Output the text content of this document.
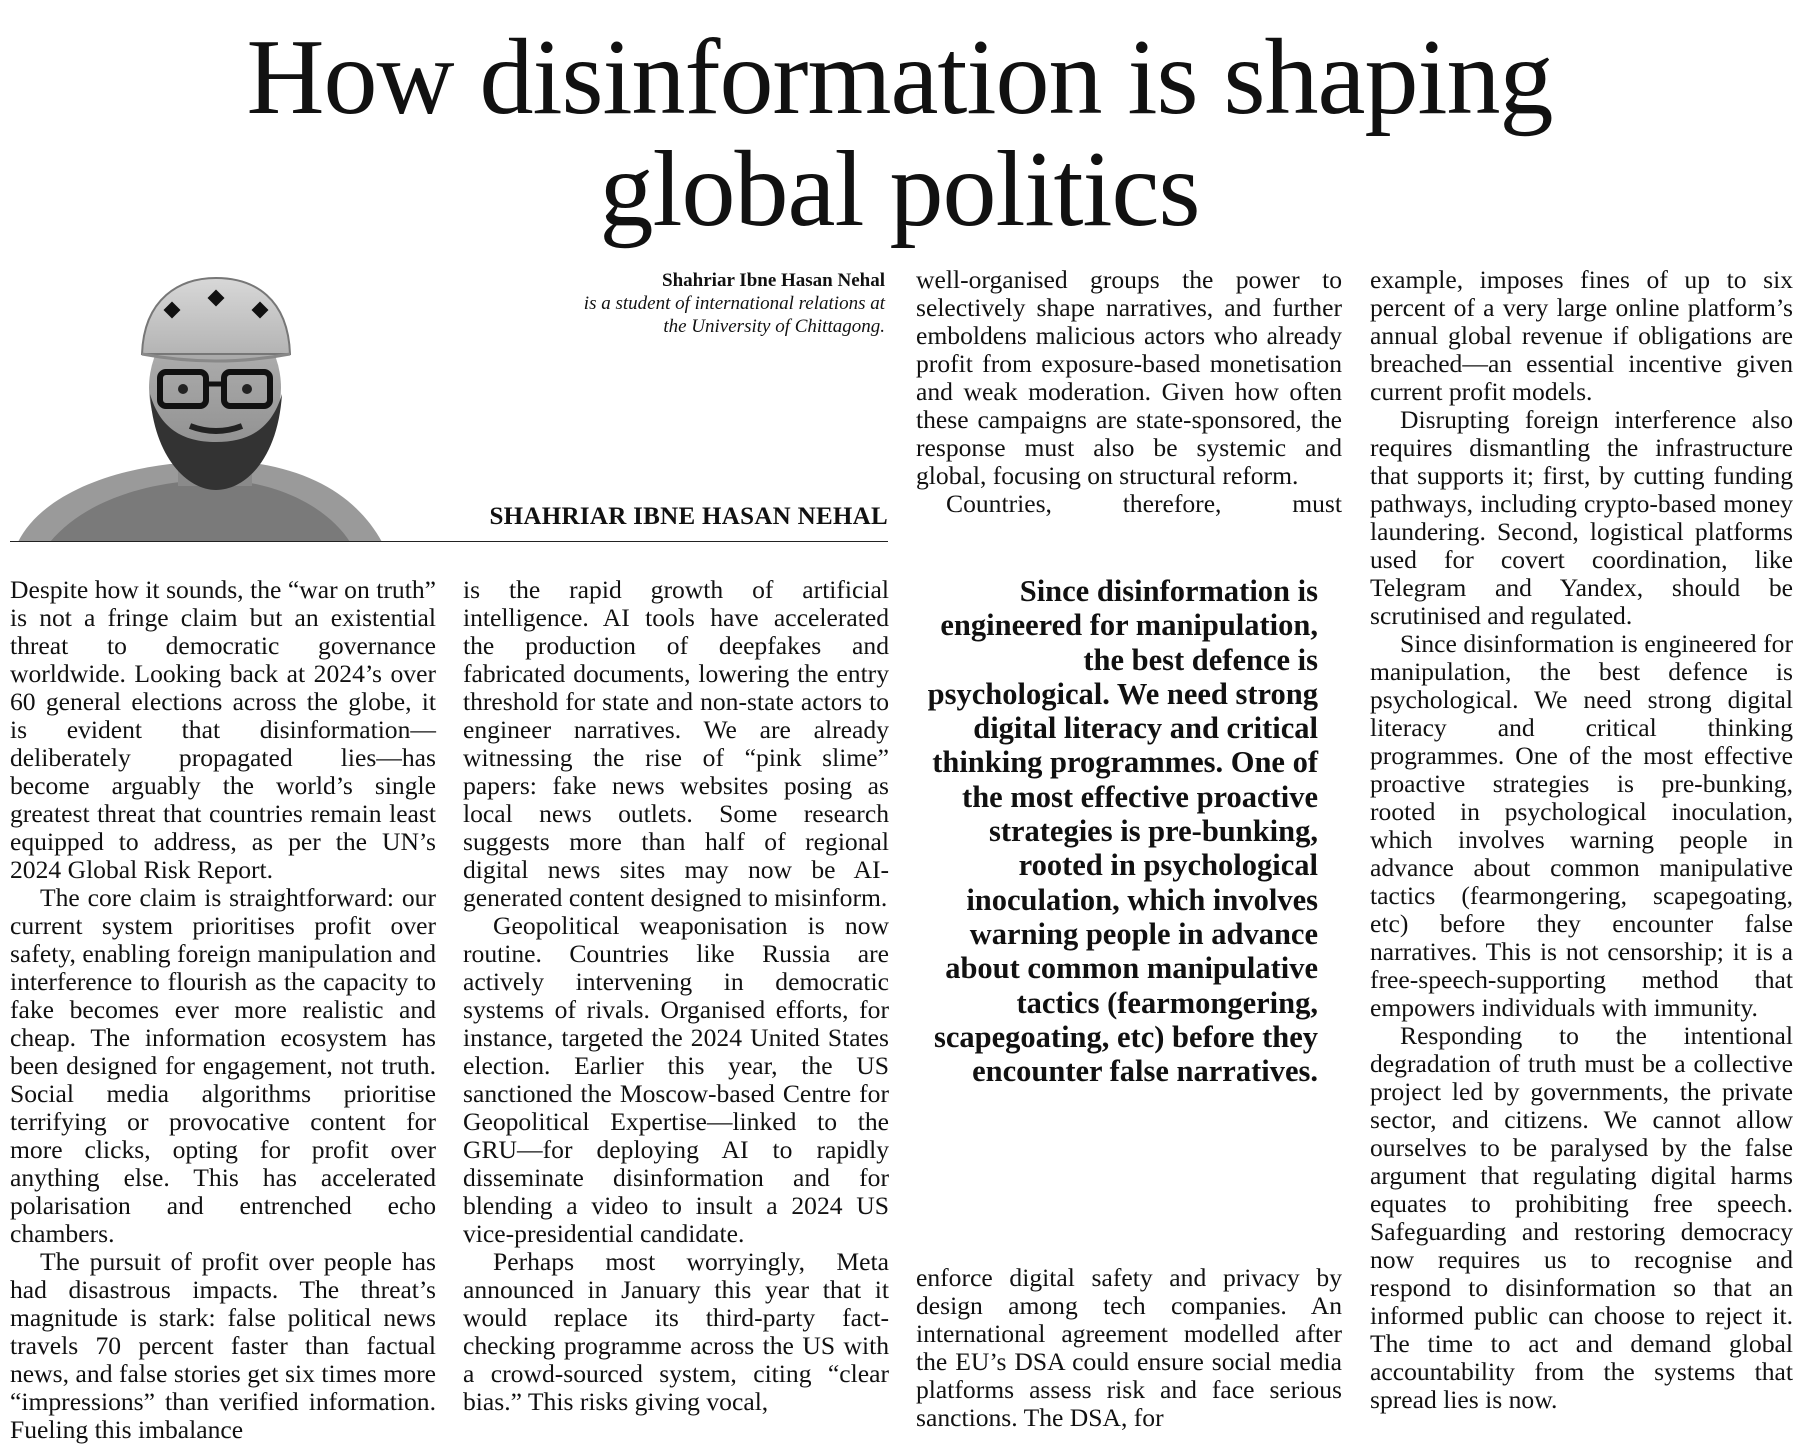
How disinformation is shaping
global politics
Shahriar Ibne Hasan Nehal
is a student of international relations at
the University of Chittagong.
SHAHRIAR IBNE HASAN NEHAL

Despite how it sounds, the “war on truth” is not a fringe claim but an existential threat to democratic governance worldwide. Looking back at 2024’s over 60 general elections across the globe, it is evident that disinformation—deliberately propagated lies—has become arguably the world’s single greatest threat that countries remain least equipped to address, as per the UN’s 2024 Global Risk Report.

The core claim is straightforward: our current system prioritises profit over safety, enabling foreign manipulation and interference to flourish as the capacity to fake becomes ever more realistic and cheap. The information ecosystem has been designed for engagement, not truth. Social media algorithms prioritise terrifying or provocative content for more clicks, opting for profit over anything else. This has accelerated polarisation and entrenched echo chambers.

The pursuit of profit over people has had disastrous impacts. The threat’s magnitude is stark: false political news travels 70 percent faster than factual news, and false stories get six times more “impressions” than verified information. Fueling this imbalance

is the rapid growth of artificial intelligence. AI tools have accelerated the production of deepfakes and fabricated documents, lowering the entry threshold for state and non-state actors to engineer narratives. We are already witnessing the rise of “pink slime” papers: fake news websites posing as local news outlets. Some research suggests more than half of regional digital news sites may now be AI-generated content designed to misinform.

Geopolitical weaponisation is now routine. Countries like Russia are actively intervening in democratic systems of rivals. Organised efforts, for instance, targeted the 2024 United States election. Earlier this year, the US sanctioned the Moscow-based Centre for Geopolitical Expertise—linked to the GRU—for deploying AI to rapidly disseminate disinformation and for blending a video to insult a 2024 US vice-presidential candidate.

Perhaps most worryingly, Meta announced in January this year that it would replace its third-party fact-checking programme across the US with a crowd-sourced system, citing “clear bias.” This risks giving vocal,

well-organised groups the power to selectively shape narratives, and further emboldens malicious actors who already profit from exposure-based monetisation and weak moderation. Given how often these campaigns are state-sponsored, the response must also be systemic and global, focusing on structural reform.

Countries, therefore, must

Since disinformation is engineered for manipulation, the best defence is psychological. We need strong digital literacy and critical thinking programmes. One of the most effective proactive strategies is pre-bunking, rooted in psychological inoculation, which involves warning people in advance about common manipulative tactics (fearmongering, scapegoating, etc) before they encounter false narratives.

enforce digital safety and privacy by design among tech companies. An international agreement modelled after the EU’s DSA could ensure social media platforms assess risk and face serious sanctions. The DSA, for

example, imposes fines of up to six percent of a very large online platform’s annual global revenue if obligations are breached—an essential incentive given current profit models.

Disrupting foreign interference also requires dismantling the infrastructure that supports it; first, by cutting funding pathways, including crypto-based money laundering. Second, logistical platforms used for covert coordination, like Telegram and Yandex, should be scrutinised and regulated.

Since disinformation is engineered for manipulation, the best defence is psychological. We need strong digital literacy and critical thinking programmes. One of the most effective proactive strategies is pre-bunking, rooted in psychological inoculation, which involves warning people in advance about common manipulative tactics (fearmongering, scapegoating, etc) before they encounter false narratives. This is not censorship; it is a free-speech-supporting method that empowers individuals with immunity.

Responding to the intentional degradation of truth must be a collective project led by governments, the private sector, and citizens. We cannot allow ourselves to be paralysed by the false argument that regulating digital harms equates to prohibiting free speech. Safeguarding and restoring democracy now requires us to recognise and respond to disinformation so that an informed public can choose to reject it. The time to act and demand global accountability from the systems that spread lies is now.
